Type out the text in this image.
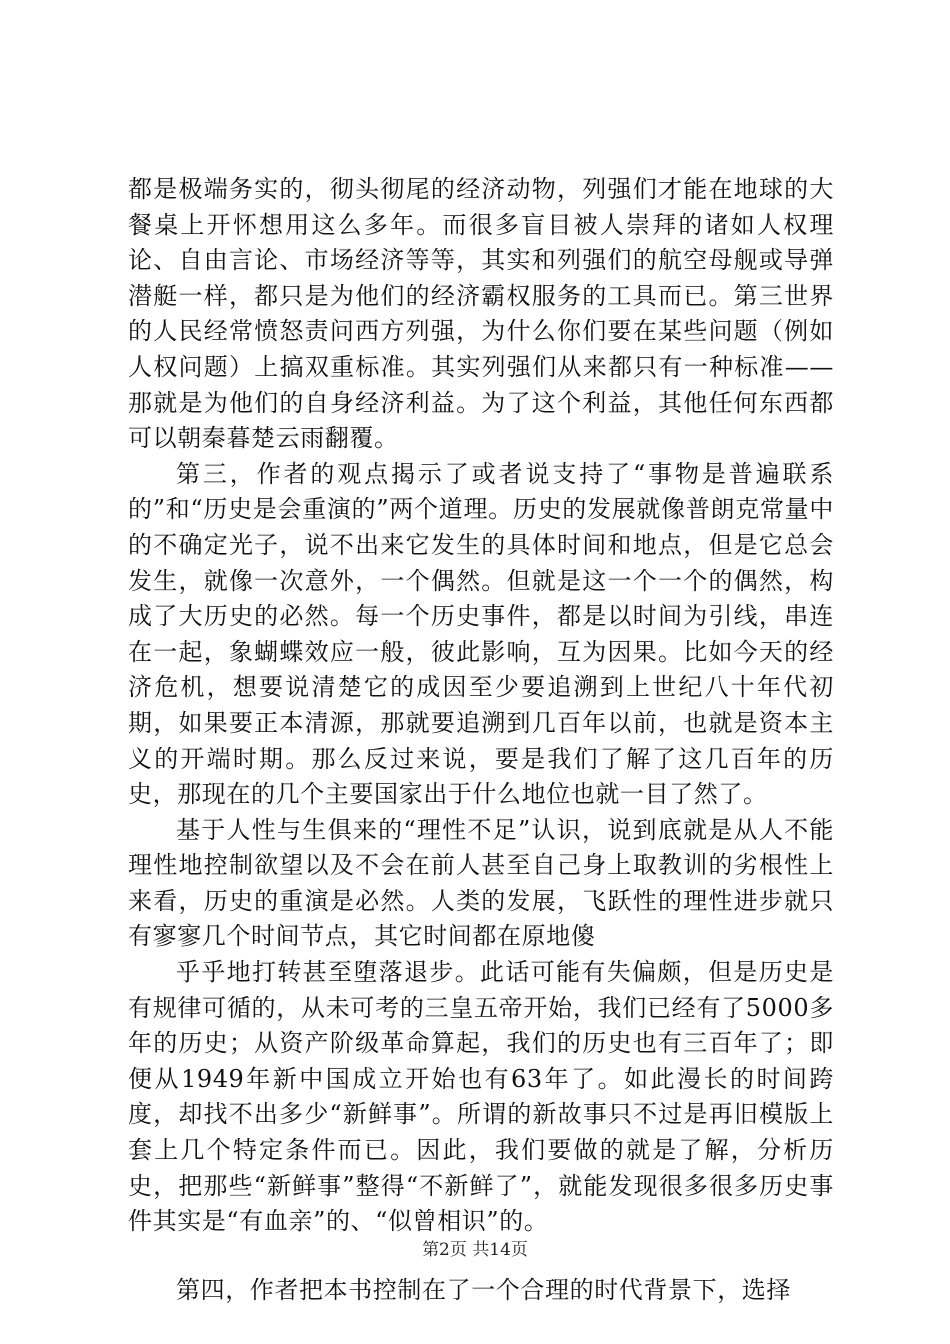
都是极端务实的，彻头彻尾的经济动物，列强们才能在地球的大餐桌上开怀想用这么多年。而很多盲目被人崇拜的诸如人权理论、自由言论、市场经济等等，其实和列强们的航空母舰或导弹潜艇一样，都只是为他们的经济霸权服务的工具而已。第三世界的人民经常愤怒责问西方列强，为什么你们要在某些问题（例如人权问题）上搞双重标准。其实列强们从来都只有一种标准——那就是为他们的自身经济利益。为了这个利益，其他任何东西都可以朝秦暮楚云雨翻覆。

第三，作者的观点揭示了或者说支持了“事物是普遍联系的”和“历史是会重演的”两个道理。历史的发展就像普朗克常量中的不确定光子，说不出来它发生的具体时间和地点，但是它总会发生，就像一次意外，一个偶然。但就是这一个一个的偶然，构成了大历史的必然。每一个历史事件，都是以时间为引线，串连在一起，象蝴蝶效应一般，彼此影响，互为因果。比如今天的经济危机，想要说清楚它的成因至少要追溯到上世纪八十年代初期，如果要正本清源，那就要追溯到几百年以前，也就是资本主义的开端时期。那么反过来说，要是我们了解了这几百年的历史，那现在的几个主要国家出于什么地位也就一目了然了。

基于人性与生俱来的“理性不足”认识，说到底就是从人不能理性地控制欲望以及不会在前人甚至自己身上取教训的劣根性上来看，历史的重演是必然。人类的发展，飞跃性的理性进步就只有寥寥几个时间节点，其它时间都在原地傻

乎乎地打转甚至堕落退步。此话可能有失偏颇，但是历史是有规律可循的，从未可考的三皇五帝开始，我们已经有了5000多年的历史；从资产阶级革命算起，我们的历史也有三百年了；即便从1949年新中国成立开始也有63年了。如此漫长的时间跨度，却找不出多少“新鲜事”。所谓的新故事只不过是再旧模版上套上几个特定条件而已。因此，我们要做的就是了解，分析历史，把那些“新鲜事”整得“不新鲜了”，就能发现很多很多历史事件其实是“有血亲”的、“似曾相识”的。

第四，作者把本书控制在了一个合理的时代背景下，选择

第2页 共14页
